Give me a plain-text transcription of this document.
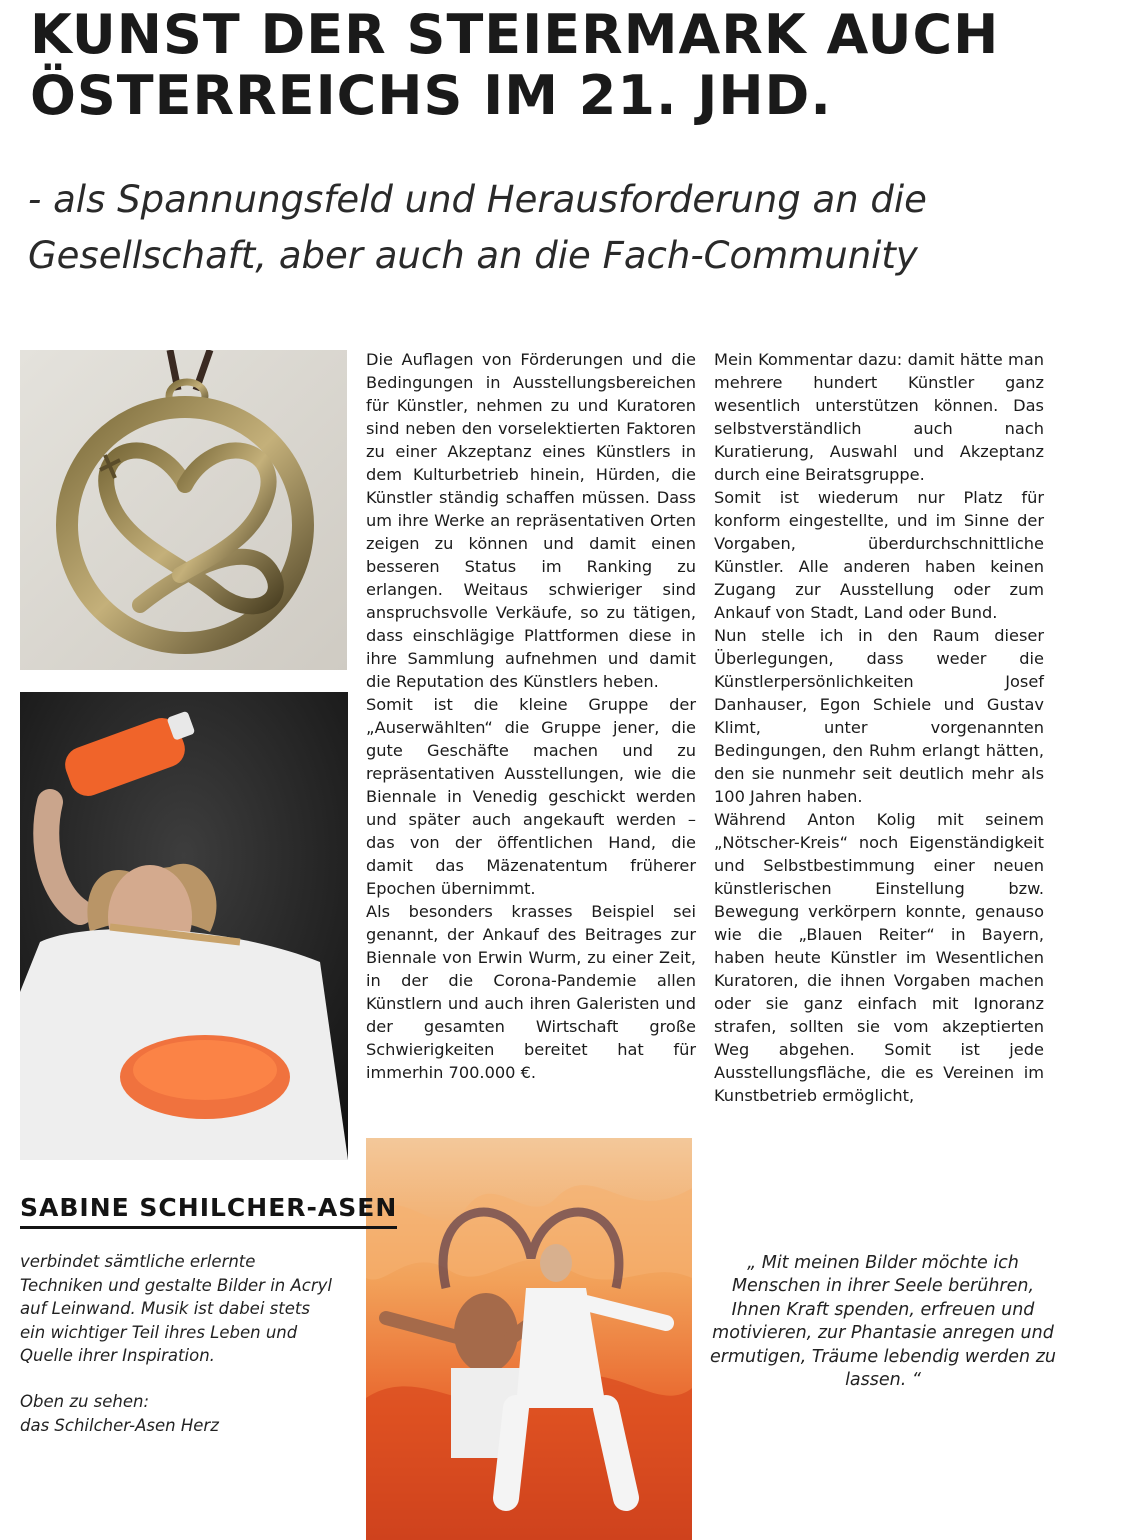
KUNST DER STEIERMARK AUCH
ÖSTERREICHS IM 21. JHD.
- als Spannungsfeld und Herausforderung an die
Gesellschaft, aber auch an die Fach-Community

Die Auflagen von Förderungen und die Bedingungen in Ausstellungsbereichen für Künstler, nehmen zu und Kuratoren sind neben den vorselektierten Faktoren zu einer Akzeptanz eines Künstlers in dem Kulturbetrieb hinein, Hürden, die Künstler ständig schaffen müssen. Dass um ihre Werke an repräsentativen Orten zeigen zu können und damit einen besseren Status im Ranking zu erlangen. Weitaus schwieriger sind anspruchsvolle Verkäufe, so zu tätigen, dass einschlägige Plattformen diese in ihre Sammlung aufnehmen und damit die Reputation des Künstlers heben.

Somit ist die kleine Gruppe der „Auserwählten“ die Gruppe jener, die gute Geschäfte machen und zu repräsentativen Ausstellungen, wie die Biennale in Venedig geschickt werden und später auch angekauft werden – das von der öffentlichen Hand, die damit das Mäzenatentum früherer Epochen übernimmt.

Als besonders krasses Beispiel sei genannt, der Ankauf des Beitrages zur Biennale von Erwin Wurm, zu einer Zeit, in der die Corona-Pandemie allen Künstlern und auch ihren Galeristen und der gesamten Wirtschaft große Schwierigkeiten bereitet hat für immerhin 700.000 €.

Mein Kommentar dazu: damit hätte man mehrere hundert Künstler ganz wesentlich unterstützen können. Das selbstverständlich auch nach Kuratierung, Auswahl und Akzeptanz durch eine Beiratsgruppe.

Somit ist wiederum nur Platz für konform eingestellte, und im Sinne der Vorgaben, überdurchschnittliche Künstler. Alle anderen haben keinen Zugang zur Ausstellung oder zum Ankauf von Stadt, Land oder Bund.

Nun stelle ich in den Raum dieser Überlegungen, dass weder die Künstlerpersönlichkeiten Josef Danhauser, Egon Schiele und Gustav Klimt, unter vorgenannten Bedingungen, den Ruhm erlangt hätten, den sie nunmehr seit deutlich mehr als 100 Jahren haben.

Während Anton Kolig mit seinem „Nötscher-Kreis“ noch Eigenständigkeit und Selbstbestimmung einer neuen künstlerischen Einstellung bzw. Bewegung verkörpern konnte, genauso wie die „Blauen Reiter“ in Bayern, haben heute Künstler im Wesentlichen Kuratoren, die ihnen Vorgaben machen oder sie ganz einfach mit Ignoranz strafen, sollten sie vom akzeptierten Weg abgehen. Somit ist jede Ausstellungsfläche, die es Vereinen im Kunstbetrieb ermöglicht,

SABINE SCHILCHER-ASEN

verbindet sämtliche erlernte Techniken und gestalte Bilder in Acryl auf Leinwand. Musik ist dabei stets ein wichtiger Teil ihres Leben und Quelle ihrer Inspiration.

Oben zu sehen:
das Schilcher-Asen Herz

„ Mit meinen Bilder möchte ich Menschen in ihrer Seele berühren, Ihnen Kraft spenden, erfreuen und motivieren, zur Phantasie anregen und ermutigen, Träume lebendig werden zu lassen. “
